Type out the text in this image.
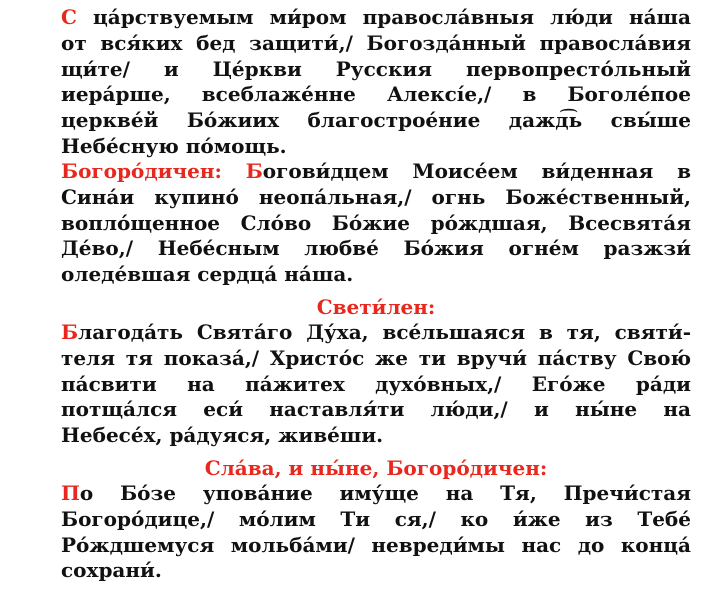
С ца́рствуемым ми́ром правосла́вныя лю́ди на́ша
от вся́ких бед защити́,/ Богозда́нный правосла́вия
щи́те/ и Це́ркви Русския первопресто́льный
иера́рше, всеблаже́нне Алексі́е,/ в Боголе́пое
церкве́й Бо́жиих благострое́ние дажд͡ь свы́ше
Небе́сную по́мощь.
Богоро́дичен: Богови́дцем Моисе́ем ви́денная в
Сина́и купино́ неопа́льная,/ огнь Боже́ственный,
вопло́щенное Сло́во Бо́жие ро́ждшая, Всесвята́я
Де́во,/ Небе́сным любве́ Бо́жия огне́м разжзи́
оледе́вшая сердца́ на́ша.
Свети́лен:
Благода́ть Свята́го Ду́ха, все́льшаяся в тя, святи́-
теля тя показа́,/ Христо́с же ти вручи́ па́ству Свою́
па́свити на па́житех духо́вных,/ Его́же ра́ди
потща́лся еси́ наставля́ти лю́ди,/ и ны́не на
Небесе́х, ра́дуяся, живе́ши.
Сла́ва, и ны́не, Богоро́дичен:
По Бо́зе упова́ние иму́ще на Тя, Пречи́стая
Богоро́дице,/ мо́лим Ти ся,/ ко и́же из Тебе́
Ро́ждшемуся мольба́ми/ невреди́мы нас до конца́
сохрани́.
